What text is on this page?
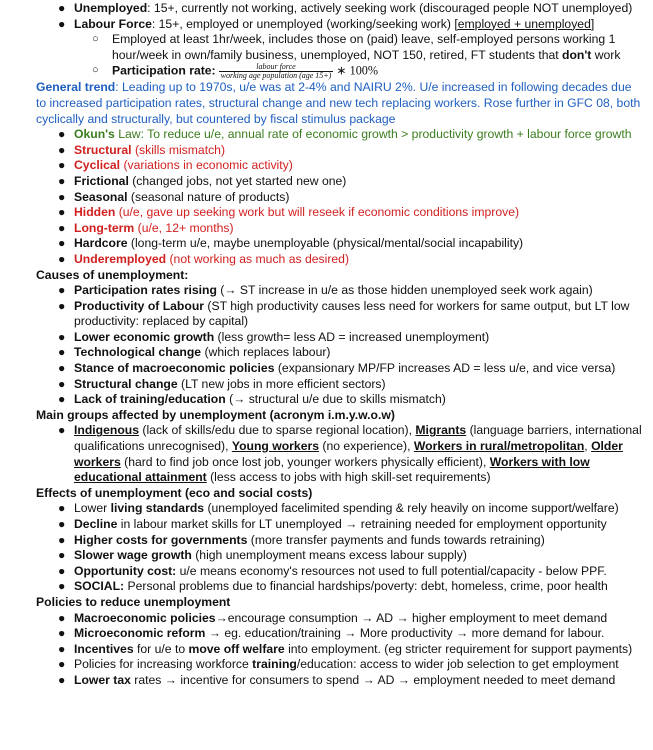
● Unemployed: 15+, currently not working, actively seeking work (discouraged people NOT unemployed)
● Labour Force: 15+, employed or unemployed (working/seeking work) [employed + unemployed]
○ Employed at least 1hr/week, includes those on (paid) leave, self-employed persons working 1 hour/week in own/family business, unemployed, NOT 150, retired, FT students that don't work
○ Participation rate: $\frac{\text{labour force}}{\text{working age population (age 15+)}}$ ∗ 100%
General trend: Leading up to 1970s, u/e was at 2-4% and NAIRU 2%. U/e increased in following decades due to increased participation rates, structural change and new tech replacing workers. Rose further in GFC 08, both cyclically and structurally, but countered by fiscal stimulus package
● Okun's Law: To reduce u/e, annual rate of economic growth > productivity growth + labour force growth
● Structural (skills mismatch)
● Cyclical (variations in economic activity)
● Frictional (changed jobs, not yet started new one)
● Seasonal (seasonal nature of products)
● Hidden (u/e, gave up seeking work but will reseek if economic conditions improve)
● Long-term (u/e, 12+ months)
● Hardcore (long-term u/e, maybe unemployable (physical/mental/social incapability)
● Underemployed (not working as much as desired)
Causes of unemployment:
● Participation rates rising (→ ST increase in u/e as those hidden unemployed seek work again)
● Productivity of Labour (ST high productivity causes less need for workers for same output, but LT low productivity: replaced by capital)
● Lower economic growth (less growth= less AD = increased unemployment)
● Technological change (which replaces labour)
● Stance of macroeconomic policies (expansionary MP/FP increases AD = less u/e, and vice versa)
● Structural change (LT new jobs in more efficient sectors)
● Lack of training/education (→ structural u/e due to skills mismatch)
Main groups affected by unemployment (acronym i.m.y.w.o.w)
● Indigenous (lack of skills/edu due to sparse regional location), Migrants (language barriers, international qualifications unrecognised), Young workers (no experience), Workers in rural/metropolitan, Older workers (hard to find job once lost job, younger workers physically efficient), Workers with low educational attainment (less access to jobs with high skill-set requirements)
Effects of unemployment (eco and social costs)
● Lower living standards (unemployed facelimited spending & rely heavily on income support/welfare)
● Decline in labour market skills for LT unemployed → retraining needed for employment opportunity
● Higher costs for governments (more transfer payments and funds towards retraining)
● Slower wage growth (high unemployment means excess labour supply)
● Opportunity cost: u/e means economy's resources not used to full potential/capacity - below PPF.
● SOCIAL: Personal problems due to financial hardships/poverty: debt, homeless, crime, poor health
Policies to reduce unemployment
● Macroeconomic policies→encourage consumption → AD → higher employment to meet demand
● Microeconomic reform → eg. education/training → More productivity → more demand for labour.
● Incentives for u/e to move off welfare into employment. (eg stricter requirement for support payments)
● Policies for increasing workforce training/education: access to wider job selection to get employment
● Lower tax rates → incentive for consumers to spend → AD → employment needed to meet demand
